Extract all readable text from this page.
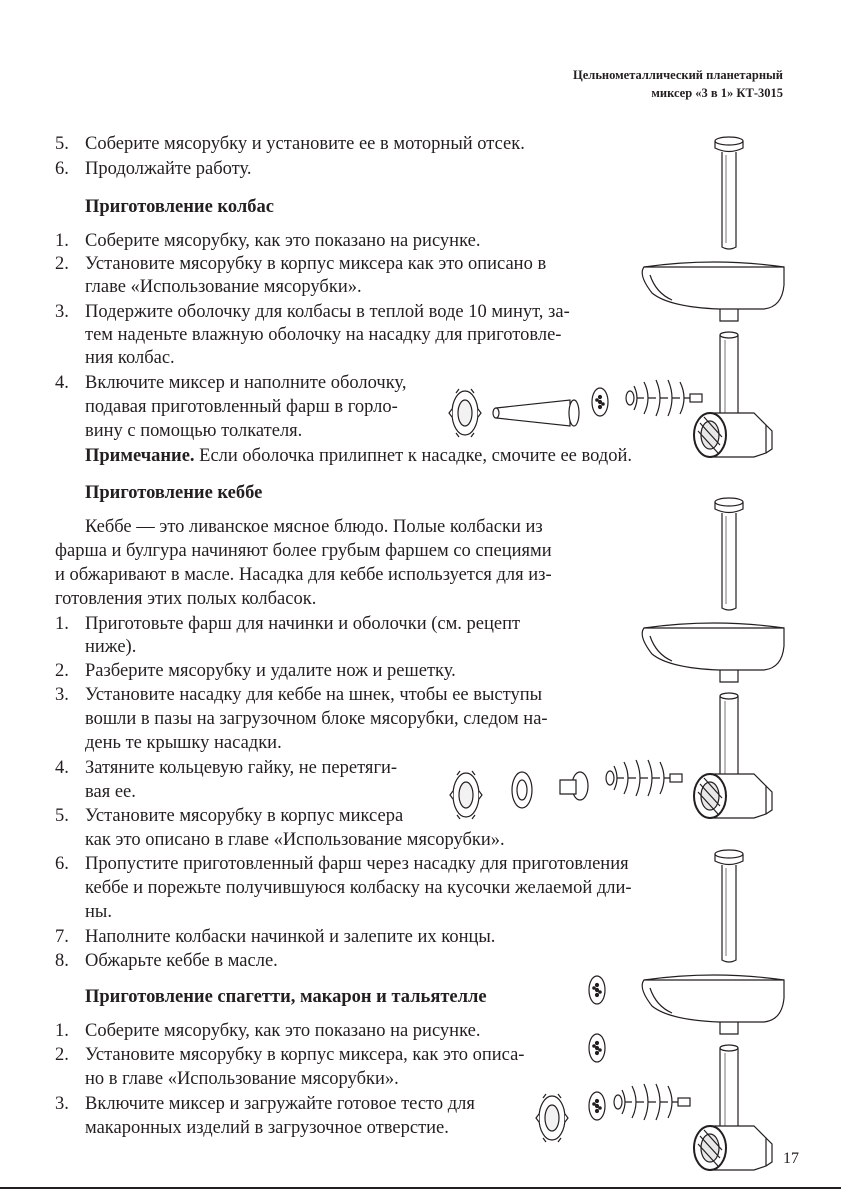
Цельнометаллический планетарный
миксер «3 в 1» КТ-3015
5. Соберите мясорубку и установите ее в моторный отсек.
6. Продолжайте работу.
Приготовление колбас
1. Соберите мясорубку, как это показано на рисунке.
2. Установите мясорубку в корпус миксера как это описано в
главе «Использование мясорубки».
3. Подержите оболочку для колбасы в теплой воде 10 минут, за-
тем наденьте влажную оболочку на насадку для приготовле-
ния колбас.
4. Включите миксер и наполните оболочку,
подавая приготовленный фарш в горло-
вину с помощью толкателя.
Примечание. Если оболочка прилипнет к насадке, смочите ее водой.
Приготовление кеббе
Кеббе — это ливанское мясное блюдо. Полые колбаски из
фарша и булгура начиняют более грубым фаршем со специями
и обжаривают в масле. Насадка для кеббе используется для из-
готовления этих полых колбасок.
1. Приготовьте фарш для начинки и оболочки (см. рецепт
ниже).
2. Разберите мясорубку и удалите нож и решетку.
3. Установите насадку для кеббе на шнек, чтобы ее выступы
вошли в пазы на загрузочном блоке мясорубки, следом на-
день те крышку насадки.
4. Затяните кольцевую гайку, не перетяги-
вая ее.
5. Установите мясорубку в корпус миксера
как это описано в главе «Использование мясорубки».
6. Пропустите приготовленный фарш через насадку для приготовления
кеббе и порежьте получившуюся колбаску на кусочки желаемой дли-
ны.
7. Наполните колбаски начинкой и залепите их концы.
8. Обжарьте кеббе в масле.
Приготовление спагетти, макарон и тальятелле
1. Соберите мясорубку, как это показано на рисунке.
2. Установите мясорубку в корпус миксера, как это описа-
но в главе «Использование мясорубки».
3. Включите миксер и загружайте готовое тесто для
макаронных изделий в загрузочное отверстие.
17
